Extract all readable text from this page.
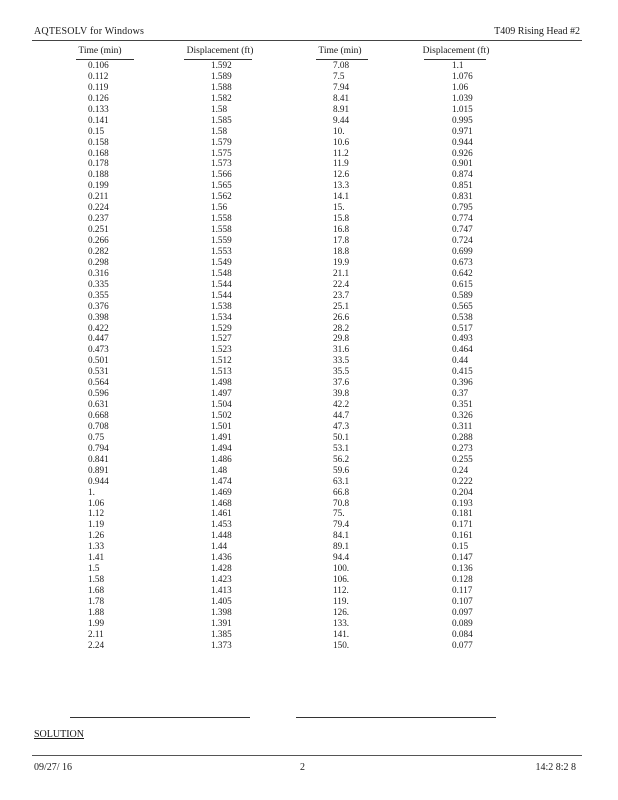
AQTESOLV for Windows	T409 Rising Head #2
Time (min)	Displacement (ft)	Time (min)	Displacement (ft)
0.106	1.592	7.08	1.1
0.112	1.589	7.5	1.076
0.119	1.588	7.94	1.06
0.126	1.582	8.41	1.039
0.133	1.58	8.91	1.015
0.141	1.585	9.44	0.995
0.15	1.58	10.	0.971
0.158	1.579	10.6	0.944
0.168	1.575	11.2	0.926
0.178	1.573	11.9	0.901
0.188	1.566	12.6	0.874
0.199	1.565	13.3	0.851
0.211	1.562	14.1	0.831
0.224	1.56	15.	0.795
0.237	1.558	15.8	0.774
0.251	1.558	16.8	0.747
0.266	1.559	17.8	0.724
0.282	1.553	18.8	0.699
0.298	1.549	19.9	0.673
0.316	1.548	21.1	0.642
0.335	1.544	22.4	0.615
0.355	1.544	23.7	0.589
0.376	1.538	25.1	0.565
0.398	1.534	26.6	0.538
0.422	1.529	28.2	0.517
0.447	1.527	29.8	0.493
0.473	1.523	31.6	0.464
0.501	1.512	33.5	0.44
0.531	1.513	35.5	0.415
0.564	1.498	37.6	0.396
0.596	1.497	39.8	0.37
0.631	1.504	42.2	0.351
0.668	1.502	44.7	0.326
0.708	1.501	47.3	0.311
0.75	1.491	50.1	0.288
0.794	1.494	53.1	0.273
0.841	1.486	56.2	0.255
0.891	1.48	59.6	0.24
0.944	1.474	63.1	0.222
1.	1.469	66.8	0.204
1.06	1.468	70.8	0.193
1.12	1.461	75.	0.181
1.19	1.453	79.4	0.171
1.26	1.448	84.1	0.161
1.33	1.44	89.1	0.15
1.41	1.436	94.4	0.147
1.5	1.428	100.	0.136
1.58	1.423	106.	0.128
1.68	1.413	112.	0.117
1.78	1.405	119.	0.107
1.88	1.398	126.	0.097
1.99	1.391	133.	0.089
2.11	1.385	141.	0.084
2.24	1.373	150.	0.077
SOLUTION
09/27/ 16	2	14:2 8:2 8
